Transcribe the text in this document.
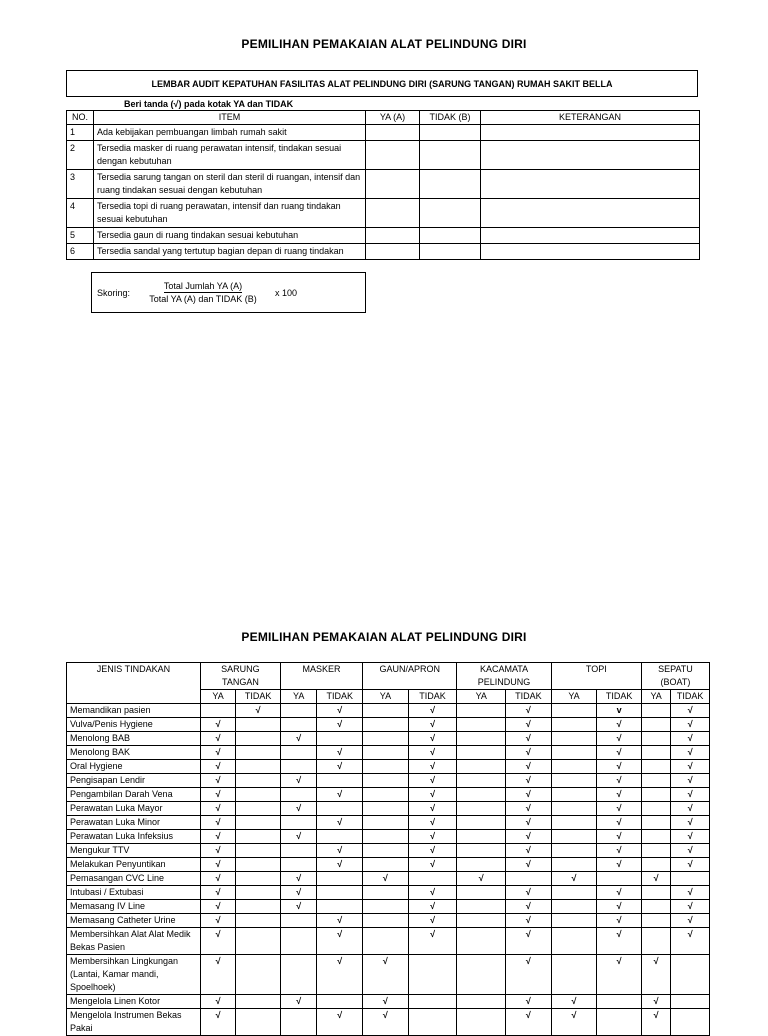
PEMILIHAN PEMAKAIAN ALAT PELINDUNG DIRI
LEMBAR AUDIT KEPATUHAN FASILITAS ALAT PELINDUNG DIRI (SARUNG TANGAN) RUMAH SAKIT BELLA
Beri tanda (√) pada kotak YA dan TIDAK
NO.	ITEM	YA (A)	TIDAK (B)	KETERANGAN
1	Ada kebijakan pembuangan limbah rumah sakit			
2	Tersedia masker di ruang perawatan intensif, tindakan sesuai dengan kebutuhan			
3	Tersedia sarung tangan on steril dan steril di ruangan, intensif dan ruang tindakan sesuai dengan kebutuhan			
4	Tersedia topi di ruang perawatan, intensif dan ruang tindakan sesuai kebutuhan			
5	Tersedia gaun di ruang tindakan sesuai kebutuhan			
6	Tersedia sandal yang tertutup bagian depan di ruang tindakan			
Skoring:
Total Jumlah YA (A)
Total YA (A) dan TIDAK (B)
x 100
PEMILIHAN PEMAKAIAN ALAT PELINDUNG DIRI
JENIS TINDAKAN	SARUNG TANGAN		MASKER		GAUN/APRON		KACAMATA PELINDUNG		TOPI		SEPATU (BOAT)	
	YA	TIDAK	YA	TIDAK	YA	TIDAK	YA	TIDAK	YA	TIDAK	YA	TIDAK
Memandikan pasien		√		√		√		√		v		√
Vulva/Penis Hygiene	√			√		√		√		√		√
Menolong BAB	√		√			√		√		√		√
Menolong BAK	√			√		√		√		√		√
Oral Hygiene	√			√		√		√		√		√
Pengisapan Lendir	√		√			√		√		√		√
Pengambilan Darah Vena	√			√		√		√		√		√
Perawatan Luka Mayor	√		√			√		√		√		√
Perawatan Luka Minor	√			√		√		√		√		√
Perawatan Luka Infeksius	√		√			√		√		√		√
Mengukur TTV	√			√		√		√		√		√
Melakukan Penyuntikan	√			√		√		√		√		√
Pemasangan CVC Line	√		√		√		√		√		√	
Intubasi / Extubasi	√		√			√		√		√		√
Memasang IV Line	√		√			√		√		√		√
Memasang Catheter Urine	√			√		√		√		√		√
Membersihkan Alat Alat Medik Bekas Pasien	√			√		√		√		√		√
Membersihkan Lingkungan (Lantai, Kamar mandi, Spoelhoek)	√			√	√			√		√	√	
Mengelola Linen Kotor	√		√		√			√	√		√	
Mengelola Instrumen Bekas Pakai	√			√	√			√	√		√	
